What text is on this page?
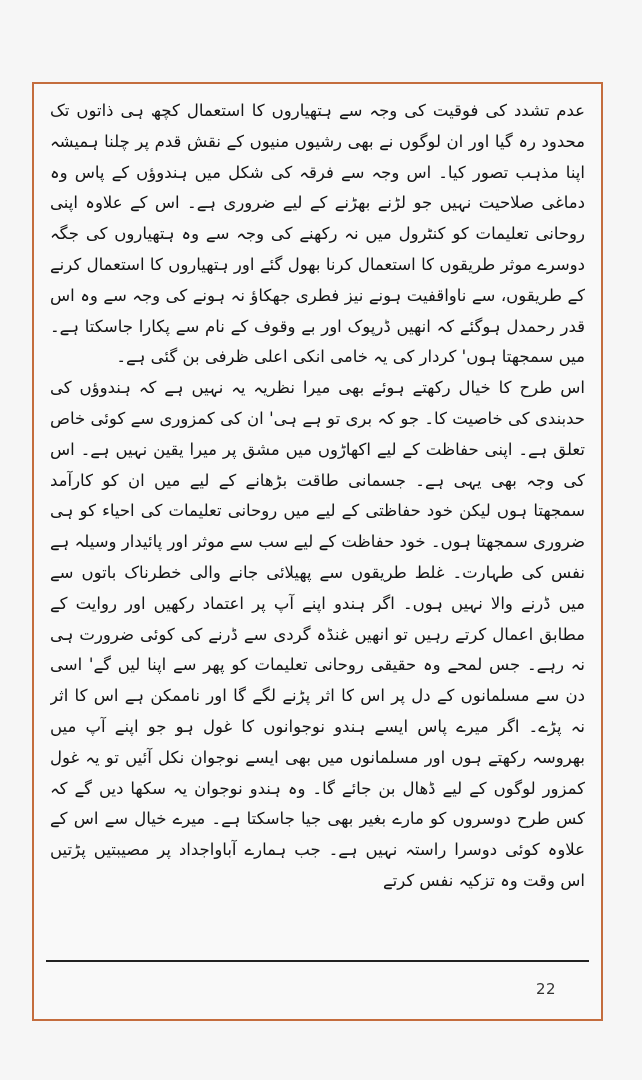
عدم تشدد کی فوقیت کی وجہ سے ہتھیاروں کا استعمال کچھ ہی ذاتوں تک محدود رہ گیا اور ان لوگوں نے بھی رشیوں منیوں کے نقش قدم پر چلنا ہمیشہ اپنا مذہب تصور کیا۔ اس وجہ سے فرقہ کی شکل میں ہندوؤں کے پاس وہ دماغی صلاحیت نہیں جو لڑنے بھڑنے کے لیے ضروری ہے۔ اس کے علاوہ اپنی روحانی تعلیمات کو کنٹرول میں نہ رکھنے کی وجہ سے وہ ہتھیاروں کی جگہ دوسرے موثر طریقوں کا استعمال کرنا بھول گئے اور ہتھیاروں کا استعمال کرنے کے طریقوں، سے ناواقفیت ہونے نیز فطری جھکاؤ نہ ہونے کی وجہ سے وہ اس قدر رحمدل ہوگئے کہ انھیں ڈرپوک اور بے وقوف کے نام سے پکارا جاسکتا ہے۔ میں سمجھتا ہوں' کردار کی یہ خامی انکی اعلی ظرفی بن گئی ہے۔

اس طرح کا خیال رکھتے ہوئے بھی میرا نظریہ یہ نہیں ہے کہ ہندوؤں کی حدبندی کی خاصیت کا۔ جو کہ بری تو ہے ہی' ان کی کمزوری سے کوئی خاص تعلق ہے۔ اپنی حفاظت کے لیے اکھاڑوں میں مشق پر میرا یقین نہیں ہے۔ اس کی وجہ بھی یہی ہے۔ جسمانی طاقت بڑھانے کے لیے میں ان کو کارآمد سمجھتا ہوں لیکن خود حفاظتی کے لیے میں روحانی تعلیمات کی احیاء کو ہی ضروری سمجھتا ہوں۔ خود حفاظت کے لیے سب سے موثر اور پائیدار وسیلہ ہے نفس کی طہارت۔ غلط طریقوں سے پھیلائی جانے والی خطرناک باتوں سے میں ڈرنے والا نہیں ہوں۔ اگر ہندو اپنے آپ پر اعتماد رکھیں اور روایت کے مطابق اعمال کرتے رہیں تو انھیں غنڈہ گردی سے ڈرنے کی کوئی ضرورت ہی نہ رہے۔ جس لمحے وہ حقیقی روحانی تعلیمات کو پھر سے اپنا لیں گے' اسی دن سے مسلمانوں کے دل پر اس کا اثر پڑنے لگے گا اور ناممکن ہے اس کا اثر نہ پڑے۔ اگر میرے پاس ایسے ہندو نوجوانوں کا غول ہو جو اپنے آپ میں بھروسہ رکھتے ہوں اور مسلمانوں میں بھی ایسے نوجوان نکل آئیں تو یہ غول کمزور لوگوں کے لیے ڈھال بن جائے گا۔ وہ ہندو نوجوان یہ سکھا دیں گے کہ کس طرح دوسروں کو مارے بغیر بھی جیا جاسکتا ہے۔ میرے خیال سے اس کے علاوہ کوئی دوسرا راستہ نہیں ہے۔ جب ہمارے آباواجداد پر مصیبتیں پڑتیں اس وقت وہ تزکیہ نفس کرتے

22
